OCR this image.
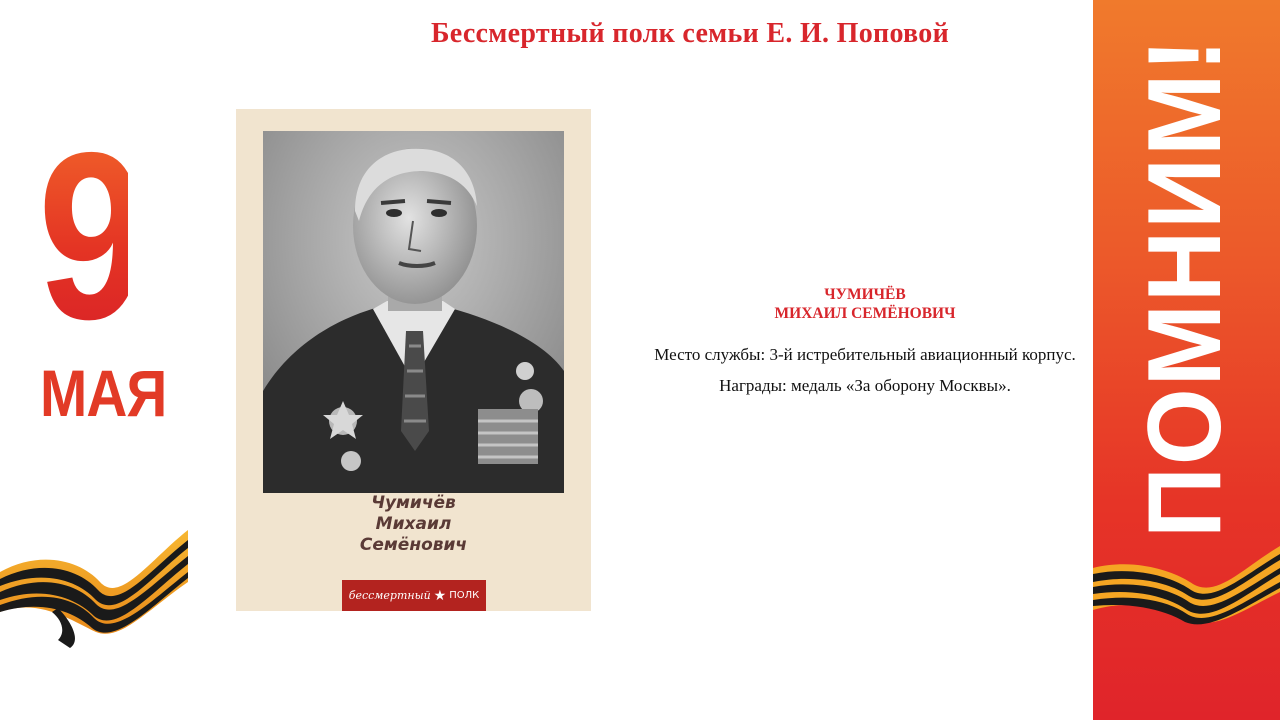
Бессмертный полк семьи Е. И. Поповой
9
МАЯ
Чумичёв
Михаил
Семёнович
бессмертный ★ ПОЛК
ЧУМИЧЁВ
МИХАИЛ СЕМЁНОВИЧ
Место службы: 3-й истребительный авиационный корпус.
Награды: медаль «За оборону Москвы».	ПОМНИМ!
